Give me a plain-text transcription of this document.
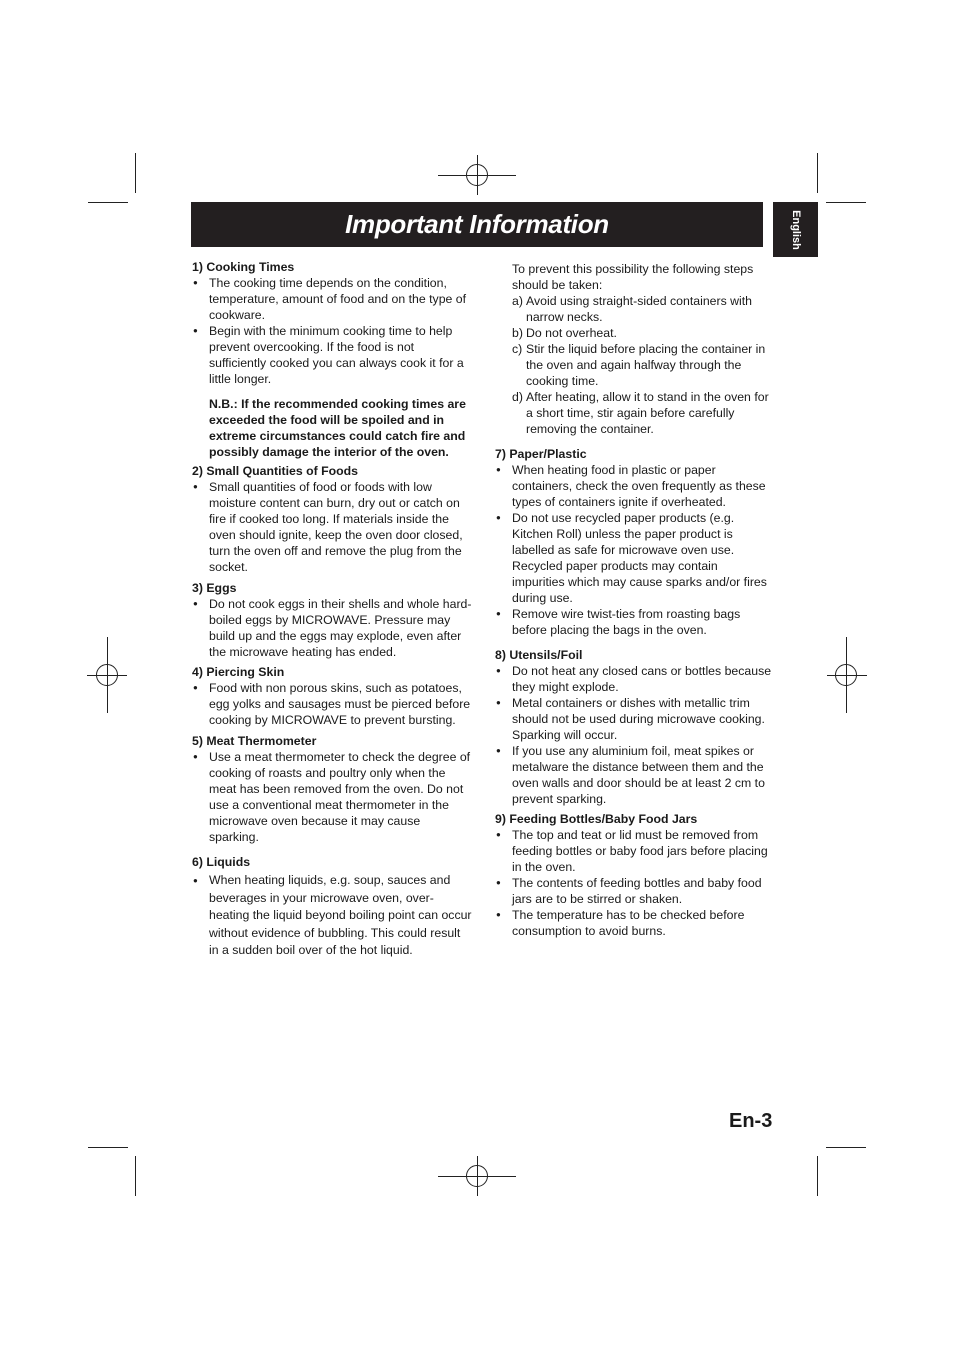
Important Information	English

1) Cooking Times

● The cooking time depends on the condition, temperature, amount of food and on the type of cookware.
● Begin with the minimum cooking time to help prevent overcooking. If the food is not sufficiently cooked you can always cook it for a little longer.

N.B.: If the recommended cooking times are exceeded the food will be spoiled and in extreme circumstances could catch fire and possibly damage the interior of the oven.

2) Small Quantities of Foods

● Small quantities of food or foods with low moisture content can burn, dry out or catch on fire if cooked too long. If materials inside the oven should ignite, keep the oven door closed, turn the oven off and remove the plug from the socket.

3) Eggs

● Do not cook eggs in their shells and whole hard-boiled eggs by MICROWAVE. Pressure may build up and the eggs may explode, even after the microwave heating has ended.

4) Piercing Skin

● Food with non porous skins, such as potatoes, egg yolks and sausages must be pierced before cooking by MICROWAVE to prevent bursting.

5) Meat Thermometer

● Use a meat thermometer to check the degree of cooking of roasts and poultry only when the meat has been removed from the oven. Do not use a conventional meat thermometer in the microwave oven because it may cause sparking.

6) Liquids

● When heating liquids, e.g. soup, sauces and beverages in your microwave oven, over-heating the liquid beyond boiling point can occur without evidence of bubbling. This could result in a sudden boil over of the hot liquid.

To prevent this possibility the following steps should be taken:

a) Avoid using straight-sided containers with narrow necks.
b) Do not overheat.
c) Stir the liquid before placing the container in the oven and again halfway through the cooking time.
d) After heating, allow it to stand in the oven for a short time, stir again before carefully removing the container.

7) Paper/Plastic

● When heating food in plastic or paper containers, check the oven frequently as these types of containers ignite if overheated.
● Do not use recycled paper products (e.g. Kitchen Roll) unless the paper product is labelled as safe for microwave oven use. Recycled paper products may contain impurities which may cause sparks and/or fires during use.
● Remove wire twist-ties from roasting bags before placing the bags in the oven.

8) Utensils/Foil

● Do not heat any closed cans or bottles because they might explode.
● Metal containers or dishes with metallic trim should not be used during microwave cooking. Sparking will occur.
● If you use any aluminium foil, meat spikes or metalware the distance between them and the oven walls and door should be at least 2 cm to prevent sparking.

9) Feeding Bottles/Baby Food Jars

● The top and teat or lid must be removed from feeding bottles or baby food jars before placing in the oven.
● The contents of feeding bottles and baby food jars are to be stirred or shaken.
● The temperature has to be checked before consumption to avoid burns.
En-3
